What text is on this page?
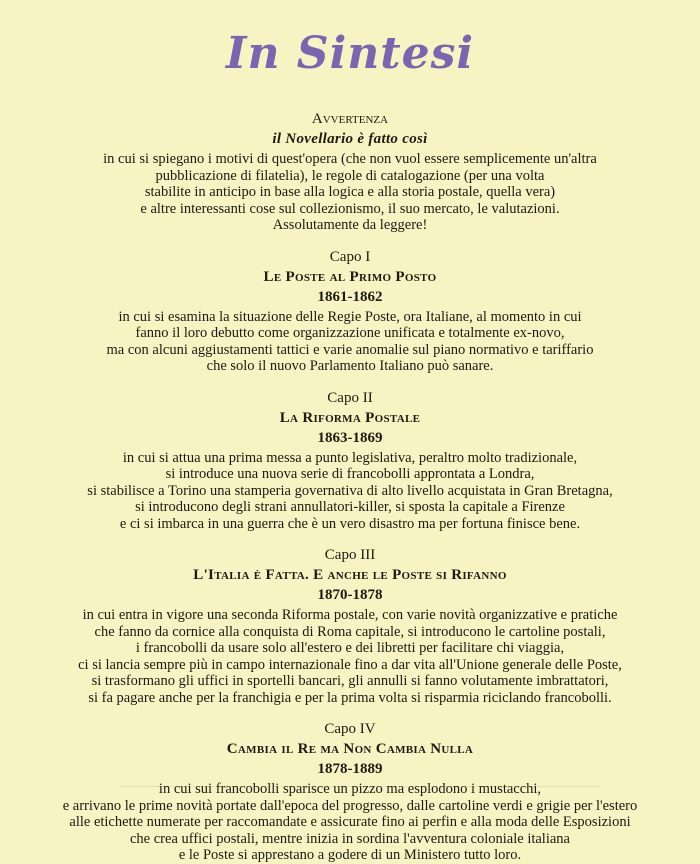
In Sintesi

Avvertenza

il Novellario è fatto così

in cui si spiegano i motivi di quest'opera (che non vuol essere semplicemente un'altra
pubblicazione di filatelia), le regole di catalogazione (per una volta
stabilite in anticipo in base alla logica e alla storia postale, quella vera)
e altre interessanti cose sul collezionismo, il suo mercato, le valutazioni.
Assolutamente da leggere!

Capo I

Le Poste al Primo Posto

1861-1862

in cui si esamina la situazione delle Regie Poste, ora Italiane, al momento in cui
fanno il loro debutto come organizzazione unificata e totalmente ex-novo,
ma con alcuni aggiustamenti tattici e varie anomalie sul piano normativo e tariffario
che solo il nuovo Parlamento Italiano può sanare.

Capo II

La Riforma Postale

1863-1869

in cui si attua una prima messa a punto legislativa, peraltro molto tradizionale,
si introduce una nuova serie di francobolli approntata a Londra,
si stabilisce a Torino una stamperia governativa di alto livello acquistata in Gran Bretagna,
si introducono degli strani annullatori-killer, si sposta la capitale a Firenze
e ci si imbarca in una guerra che è un vero disastro ma per fortuna finisce bene.

Capo III

L'Italia è Fatta. E anche le Poste si Rifanno

1870-1878

in cui entra in vigore una seconda Riforma postale, con varie novità organizzative e pratiche
che fanno da cornice alla conquista di Roma capitale, si introducono le cartoline postali,
i francobolli da usare solo all'estero e dei libretti per facilitare chi viaggia,
ci si lancia sempre più in campo internazionale fino a dar vita all'Unione generale delle Poste,
si trasformano gli uffici in sportelli bancari, gli annulli si fanno volutamente imbrattatori,
si fa pagare anche per la franchigia e per la prima volta si risparmia riciclando francobolli.

Capo IV

Cambia il Re ma Non Cambia Nulla

1878-1889

in cui sui francobolli sparisce un pizzo ma esplodono i mustacchi,
e arrivano le prime novità portate dall'epoca del progresso, dalle cartoline verdi e grigie per l'estero
alle etichette numerate per raccomandate e assicurate fino ai perfin e alla moda delle Esposizioni
che crea uffici postali, mentre inizia in sordina l'avventura coloniale italiana
e le Poste si apprestano a godere di un Ministero tutto loro.
